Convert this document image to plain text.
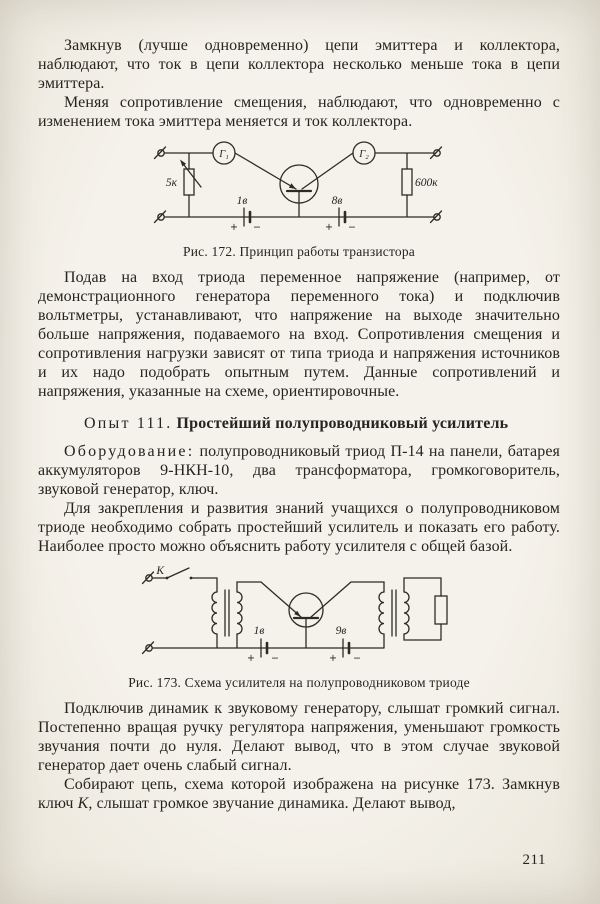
Замкнув (лучше одновременно) цепи эмиттера и коллектора, наблюдают, что ток в цепи коллектора несколько меньше тока в цепи эмиттера.

Меняя сопротивление смещения, наблюдают, что одновременно с изменением тока эмиттера меняется и ток коллектора.

Г₁	Г₂
5к	600к
1в	8в
+ −	+ −
Рис. 172. Принцип работы транзистора

Подав на вход триода переменное напряжение (например, от демонстрационного генератора переменного тока) и подключив вольтметры, устанавливают, что напряжение на выходе значительно больше напряжения, подаваемого на вход. Сопротивления смещения и сопротивления нагрузки зависят от типа триода и напряжения источников и их надо подобрать опытным путем. Данные сопротивлений и напряжения, указанные на схеме, ориентировочные.

Опыт 111. Простейший полупроводниковый усилитель

Оборудование: полупроводниковый триод П-14 на панели, батарея аккумуляторов 9-НКН-10, два трансформатора, громкоговоритель, звуковой генератор, ключ.

Для закрепления и развития знаний учащихся о полупроводниковом триоде необходимо собрать простейший усилитель и показать его работу. Наиболее просто можно объяснить работу усилителя с общей базой.

К
1в	9в
+ −	+ −
Рис. 173. Схема усилителя на полупроводниковом триоде

Подключив динамик к звуковому генератору, слышат громкий сигнал. Постепенно вращая ручку регулятора напряжения, уменьшают громкость звучания почти до нуля. Делают вывод, что в этом случае звуковой генератор дает очень слабый сигнал.

Собирают цепь, схема которой изображена на рисунке 173. Замкнув ключ К, слышат громкое звучание динамика. Делают вывод,

211
